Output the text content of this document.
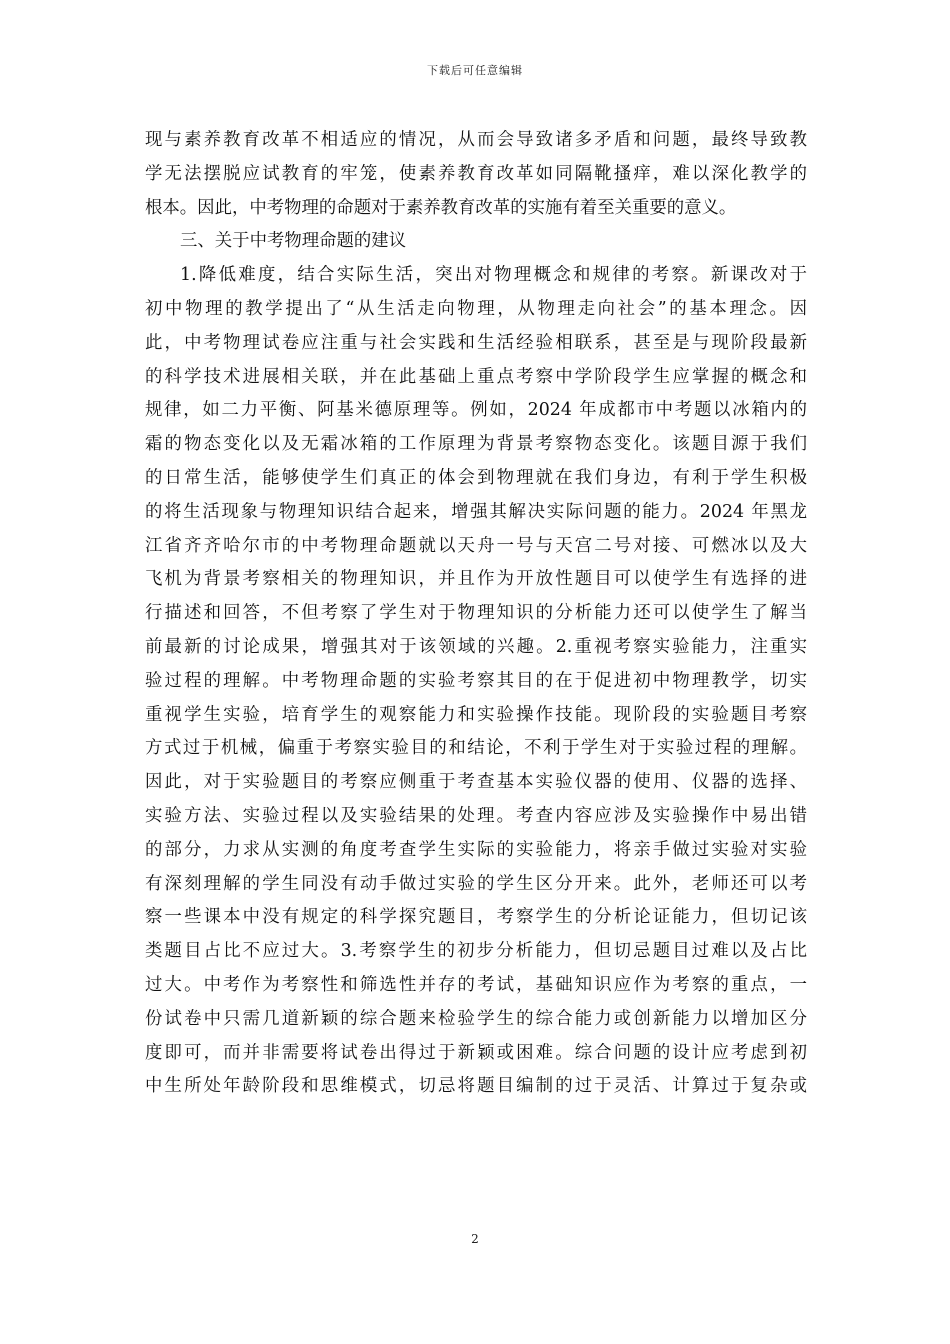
下载后可任意编辑
现与素养教育改革不相适应的情况，从而会导致诸多矛盾和问题，最终导致教
学无法摆脱应试教育的牢笼，使素养教育改革如同隔靴搔痒，难以深化教学的
根本。因此，中考物理的命题对于素养教育改革的实施有着至关重要的意义。
三、关于中考物理命题的建议
1.降低难度，结合实际生活，突出对物理概念和规律的考察。新课改对于
初中物理的教学提出了“从生活走向物理，从物理走向社会”的基本理念。因
此，中考物理试卷应注重与社会实践和生活经验相联系，甚至是与现阶段最新
的科学技术进展相关联，并在此基础上重点考察中学阶段学生应掌握的概念和
规律，如二力平衡、阿基米德原理等。例如，2024 年成都市中考题以冰箱内的
霜的物态变化以及无霜冰箱的工作原理为背景考察物态变化。该题目源于我们
的日常生活，能够使学生们真正的体会到物理就在我们身边，有利于学生积极
的将生活现象与物理知识结合起来，增强其解决实际问题的能力。2024 年黑龙
江省齐齐哈尔市的中考物理命题就以天舟一号与天宫二号对接、可燃冰以及大
飞机为背景考察相关的物理知识，并且作为开放性题目可以使学生有选择的进
行描述和回答，不但考察了学生对于物理知识的分析能力还可以使学生了解当
前最新的讨论成果，增强其对于该领域的兴趣。2.重视考察实验能力，注重实
验过程的理解。中考物理命题的实验考察其目的在于促进初中物理教学，切实
重视学生实验，培育学生的观察能力和实验操作技能。现阶段的实验题目考察
方式过于机械，偏重于考察实验目的和结论，不利于学生对于实验过程的理解。
因此，对于实验题目的考察应侧重于考查基本实验仪器的使用、仪器的选择、
实验方法、实验过程以及实验结果的处理。考查内容应涉及实验操作中易出错
的部分，力求从实测的角度考查学生实际的实验能力，将亲手做过实验对实验
有深刻理解的学生同没有动手做过实验的学生区分开来。此外，老师还可以考
察一些课本中没有规定的科学探究题目，考察学生的分析论证能力，但切记该
类题目占比不应过大。3.考察学生的初步分析能力，但切忌题目过难以及占比
过大。中考作为考察性和筛选性并存的考试，基础知识应作为考察的重点，一
份试卷中只需几道新颖的综合题来检验学生的综合能力或创新能力以增加区分
度即可，而并非需要将试卷出得过于新颖或困难。综合问题的设计应考虑到初
中生所处年龄阶段和思维模式，切忌将题目编制的过于灵活、计算过于复杂或
2
